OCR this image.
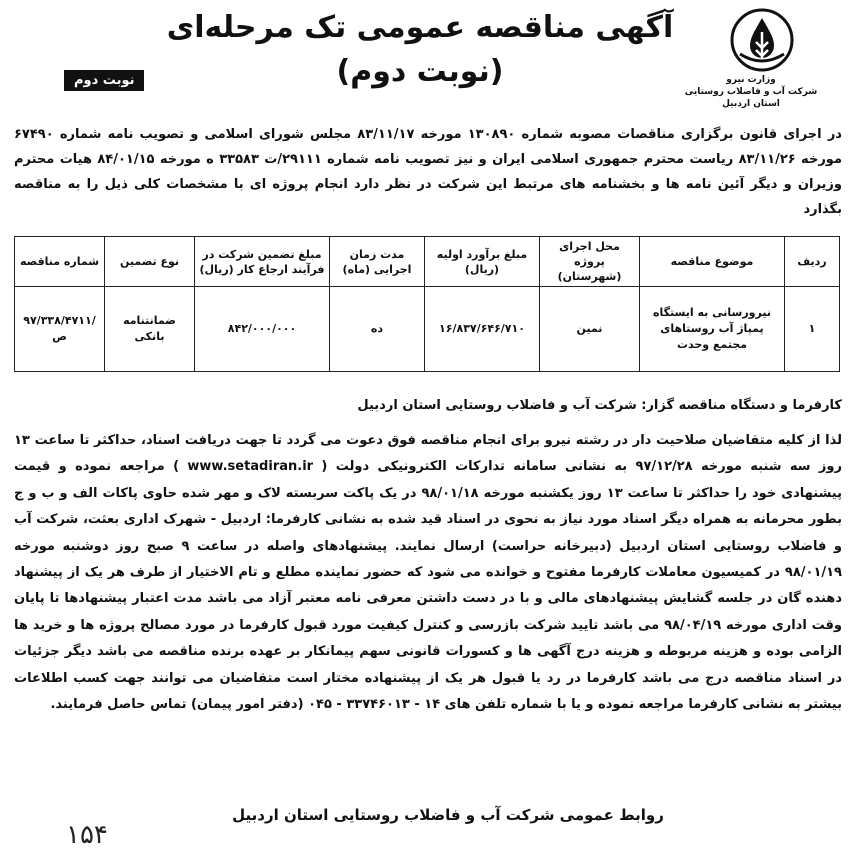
وزارت نیرو
شرکت آب و فاضلاب روستایی استان اردبیل
آگهی مناقصه عمومی تک مرحله‌ای (نوبت دوم)
نوبت دوم
در اجرای قانون برگزاری مناقصات مصوبه شماره ۱۳۰۸۹۰ مورخه ۸۳/۱۱/۱۷ مجلس شورای اسلامی و تصویب نامه شماره ۶۷۴۹۰ مورخه ۸۳/۱۱/۲۶ ریاست محترم جمهوری اسلامی ایران و نیز تصویب نامه شماره ۲۹۱۱۱/ت ۳۳۵۸۳ ه مورخه ۸۴/۰۱/۱۵ هیات محترم وزیران و دیگر آئین نامه ها و بخشنامه های مرتبط این شرکت در نظر دارد انجام پروژه ای با مشخصات کلی ذیل را به مناقصه بگذارد
ردیف	موضوع مناقصه	محل اجرای پروژه (شهرستان)	مبلغ برآورد اولیه (ریال)	مدت زمان اجرایی (ماه)	مبلغ تضمین شرکت در فرآیند ارجاع کار (ریال)	نوع تضمین	شماره مناقصه
۱	نیرورسانی به ایستگاه پمپاژ آب روستاهای مجتمع وحدت	نمین	۱۶/۸۳۷/۶۴۶/۷۱۰	ده	۸۴۲/۰۰۰/۰۰۰	ضمانتنامه بانکی	۹۷/۳۳۸/۴۷۱۱/ص
کارفرما و دستگاه مناقصه گزار: شرکت آب و فاضلاب روستایی استان اردبیل
لذا از کلیه متقاضیان صلاحیت دار در رشته نیرو برای انجام مناقصه فوق دعوت می گردد تا جهت دریافت اسناد، حداکثر تا ساعت ۱۳ روز سه شنبه مورخه ۹۷/۱۲/۲۸ به نشانی سامانه تدارکات الکترونیکی دولت ( www.setadiran.ir ) مراجعه نموده و قیمت پیشنهادی خود را حداکثر تا ساعت ۱۳ روز یکشنبه مورخه ۹۸/۰۱/۱۸ در یک پاکت سربسته لاک و مهر شده حاوی پاکات الف و ب و ج بطور محرمانه به همراه دیگر اسناد مورد نیاز به نحوی در اسناد قید شده به نشانی کارفرما: اردبیل - شهرک اداری بعثت، شرکت آب و فاضلاب روستایی استان اردبیل (دبیرخانه حراست) ارسال نمایند. پیشنهادهای واصله در ساعت ۹ صبح روز دوشنبه مورخه ۹۸/۰۱/۱۹ در کمیسیون معاملات کارفرما مفتوح و خوانده می شود که حضور نماینده مطلع و تام الاختیار از طرف هر یک از پیشنهاد دهنده گان در جلسه گشایش پیشنهادهای مالی و با در دست داشتن معرفی نامه معتبر آزاد می باشد مدت اعتبار پیشنهادها تا پایان وقت اداری مورخه ۹۸/۰۴/۱۹ می باشد تایید شرکت بازرسی و کنترل کیفیت مورد قبول کارفرما در مورد مصالح پروژه ها و خرید ها الزامی بوده و هزینه مربوطه و هزینه درج آگهی ها و کسورات قانونی سهم پیمانکار بر عهده برنده مناقصه می باشد دیگر جزئیات در اسناد مناقصه درج می باشد کارفرما در رد یا قبول هر یک از پیشنهاده مختار است متقاضیان می توانند جهت کسب اطلاعات بیشتر به نشانی کارفرما مراجعه نموده و یا با شماره تلفن های ۱۴ - ۳۳۷۴۶۰۱۳ - ۰۴۵ (دفتر امور پیمان) تماس حاصل فرمایند.
روابط عمومی شرکت آب و فاضلاب روستایی استان اردبیل
۱۵۴
